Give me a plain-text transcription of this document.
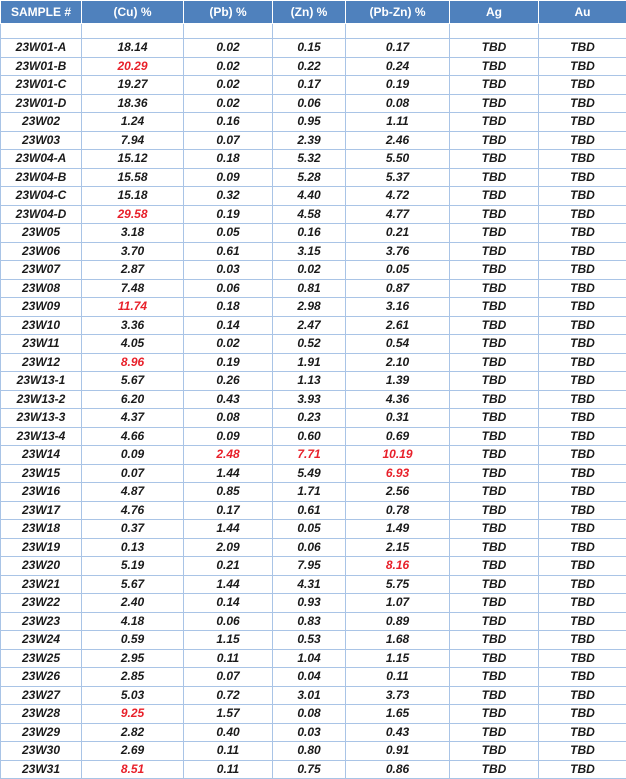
SAMPLE #	(Cu) %	(Pb) %	(Zn) %	(Pb-Zn) %	Ag	Au

23W01-A	18.14	0.02	0.15	0.17	TBD	TBD
23W01-B	20.29	0.02	0.22	0.24	TBD	TBD
23W01-C	19.27	0.02	0.17	0.19	TBD	TBD
23W01-D	18.36	0.02	0.06	0.08	TBD	TBD
23W02	1.24	0.16	0.95	1.11	TBD	TBD
23W03	7.94	0.07	2.39	2.46	TBD	TBD
23W04-A	15.12	0.18	5.32	5.50	TBD	TBD
23W04-B	15.58	0.09	5.28	5.37	TBD	TBD
23W04-C	15.18	0.32	4.40	4.72	TBD	TBD
23W04-D	29.58	0.19	4.58	4.77	TBD	TBD
23W05	3.18	0.05	0.16	0.21	TBD	TBD
23W06	3.70	0.61	3.15	3.76	TBD	TBD
23W07	2.87	0.03	0.02	0.05	TBD	TBD
23W08	7.48	0.06	0.81	0.87	TBD	TBD
23W09	11.74	0.18	2.98	3.16	TBD	TBD
23W10	3.36	0.14	2.47	2.61	TBD	TBD
23W11	4.05	0.02	0.52	0.54	TBD	TBD
23W12	8.96	0.19	1.91	2.10	TBD	TBD
23W13-1	5.67	0.26	1.13	1.39	TBD	TBD
23W13-2	6.20	0.43	3.93	4.36	TBD	TBD
23W13-3	4.37	0.08	0.23	0.31	TBD	TBD
23W13-4	4.66	0.09	0.60	0.69	TBD	TBD
23W14	0.09	2.48	7.71	10.19	TBD	TBD
23W15	0.07	1.44	5.49	6.93	TBD	TBD
23W16	4.87	0.85	1.71	2.56	TBD	TBD
23W17	4.76	0.17	0.61	0.78	TBD	TBD
23W18	0.37	1.44	0.05	1.49	TBD	TBD
23W19	0.13	2.09	0.06	2.15	TBD	TBD
23W20	5.19	0.21	7.95	8.16	TBD	TBD
23W21	5.67	1.44	4.31	5.75	TBD	TBD
23W22	2.40	0.14	0.93	1.07	TBD	TBD
23W23	4.18	0.06	0.83	0.89	TBD	TBD
23W24	0.59	1.15	0.53	1.68	TBD	TBD
23W25	2.95	0.11	1.04	1.15	TBD	TBD
23W26	2.85	0.07	0.04	0.11	TBD	TBD
23W27	5.03	0.72	3.01	3.73	TBD	TBD
23W28	9.25	1.57	0.08	1.65	TBD	TBD
23W29	2.82	0.40	0.03	0.43	TBD	TBD
23W30	2.69	0.11	0.80	0.91	TBD	TBD
23W31	8.51	0.11	0.75	0.86	TBD	TBD
